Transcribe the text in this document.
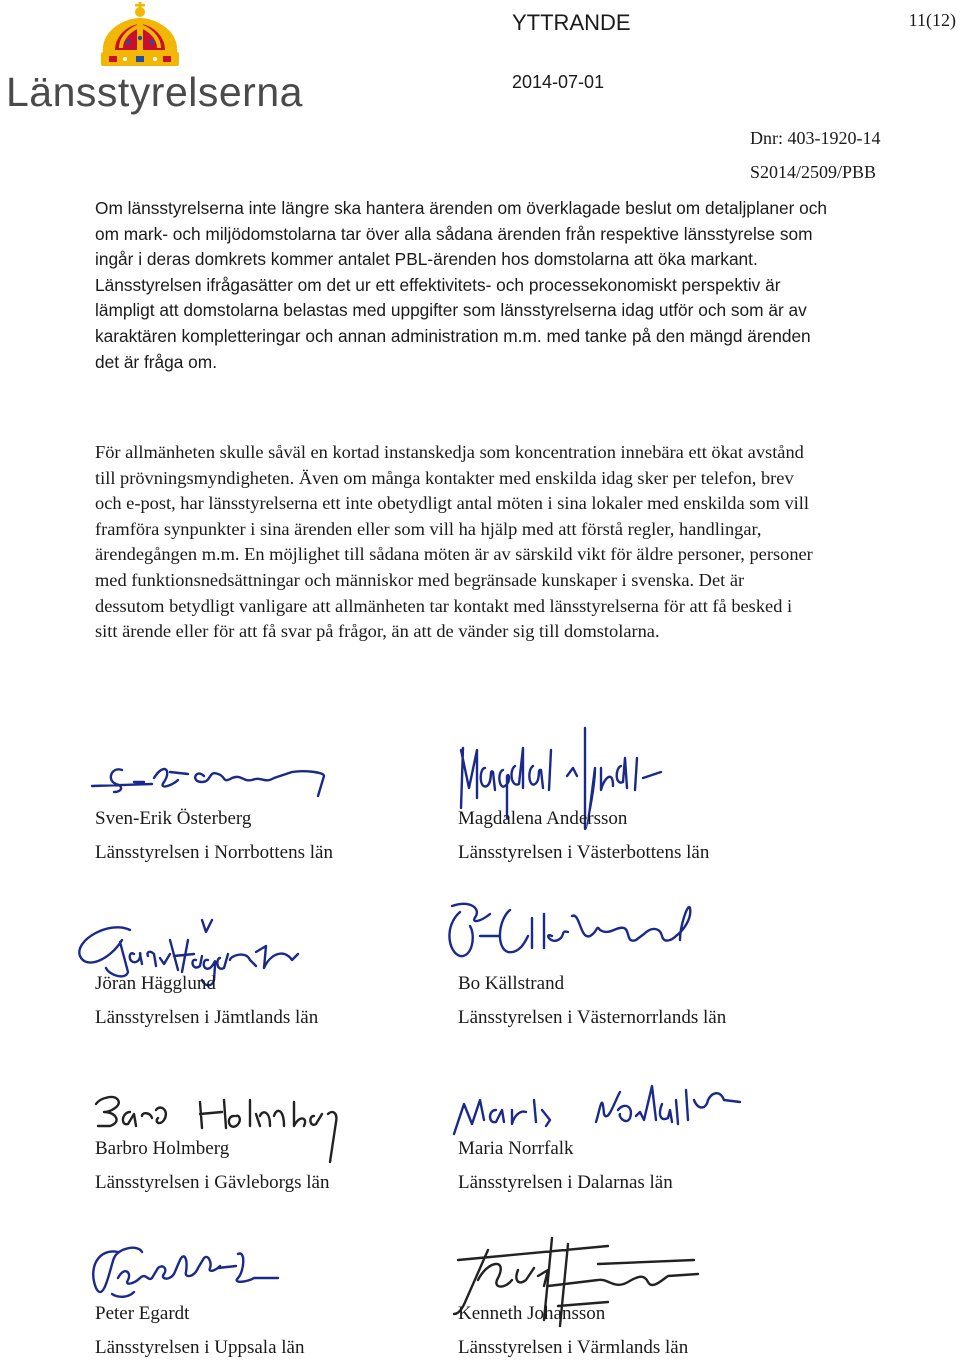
Länsstyrelserna
YTTRANDE
2014-07-01
11(12)
Dnr: 403-1920-14
S2014/2509/PBB
Om länsstyrelserna inte längre ska hantera ärenden om överklagade beslut om detaljplaner och om mark- och miljödomstolarna tar över alla sådana ärenden från respektive länsstyrelse som ingår i deras domkrets kommer antalet PBL-ärenden hos domstolarna att öka markant. Länsstyrelsen ifrågasätter om det ur ett effektivitets- och processekonomiskt perspektiv är lämpligt att domstolarna belastas med uppgifter som länsstyrelserna idag utför och som är av karaktären kompletteringar och annan administration m.m. med tanke på den mängd ärenden det är fråga om.
För allmänheten skulle såväl en kortad instanskedja som koncentration innebära ett ökat avstånd till prövningsmyndigheten. Även om många kontakter med enskilda idag sker per telefon, brev och e-post, har länsstyrelserna ett inte obetydligt antal möten i sina lokaler med enskilda som vill framföra synpunkter i sina ärenden eller som vill ha hjälp med att förstå regler, handlingar, ärendegången m.m. En möjlighet till sådana möten är av särskild vikt för äldre personer, personer med funktionsnedsättningar och människor med begränsade kunskaper i svenska. Det är dessutom betydligt vanligare att allmänheten tar kontakt med länsstyrelserna för att få besked i sitt ärende eller för att få svar på frågor, än att de vänder sig till domstolarna.
Sven-Erik Österberg
Länsstyrelsen i Norrbottens län
Magdalena Andersson
Länsstyrelsen i Västerbottens län
Jöran Hägglund
Länsstyrelsen i Jämtlands län
Bo Källstrand
Länsstyrelsen i Västernorrlands län
Barbro Holmberg
Länsstyrelsen i Gävleborgs län
Maria Norrfalk
Länsstyrelsen i Dalarnas län
Peter Egardt
Länsstyrelsen i Uppsala län
Kenneth Johansson
Länsstyrelsen i Värmlands län
